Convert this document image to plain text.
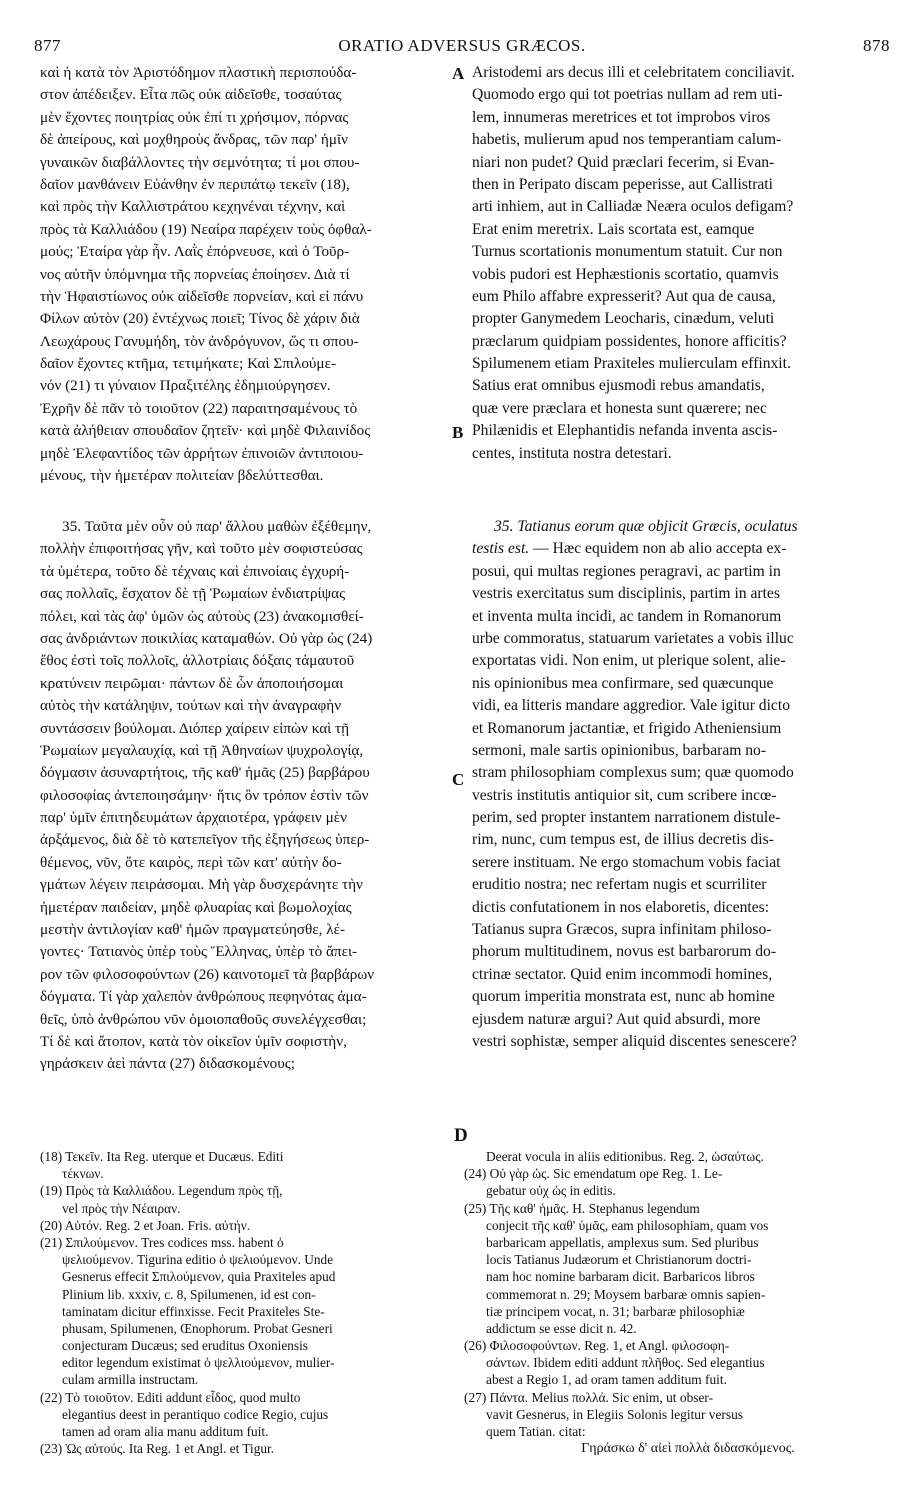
877	ORATIO ADVERSUS GRÆCOS.	878
A
B
C
D
καὶ ἡ κατὰ τὸν Ἀριστόδημον πλαστικὴ περισπούδα-
στον ἀπέδειξεν. Εἶτα πῶς οὐκ αἰδεῖσθε, τοσαύτας
μὲν ἔχοντες ποιητρίας οὐκ ἐπί τι χρήσιμον, πόρνας
δὲ ἀπείρους, καὶ μοχθηροὺς ἄνδρας, τῶν παρ' ἡμῖν
γυναικῶν διαβάλλοντες τὴν σεμνότητα; τί μοι σπου-
δαῖον μανθάνειν Εὐάνθην ἐν περιπάτῳ τεκεῖν (18),
καὶ πρὸς τὴν Καλλιστράτου κεχηνέναι τέχνην, καὶ
πρὸς τὰ Καλλιάδου (19) Νεαίρα παρέχειν τοὺς ὀφθαλ-
μούς; Ἑταίρα γὰρ ἦν. Λαῒς ἐπόρνευσε, καὶ ὁ Τοῦρ-
νος αὐτῆν ὑπόμνημα τῆς πορνείας ἐποίησεν. Διὰ τί
τὴν Ἡφαιστίωνος οὐκ αἰδεῖσθε πορνείαν, καὶ εἰ πάνυ
Φίλων αὐτὸν (20) ἐντέχνως ποιεῖ; Τίνος δὲ χάριν διὰ
Λεωχάρους Γανυμήδη, τὸν ἀνδρόγυνον, ὥς τι σπου-
δαῖον ἔχοντες κτῆμα, τετιμήκατε; Καὶ Σπιλούμε-
νόν (21) τι γύναιον Πραξιτέλης ἐδημιούργησεν.
Ἐχρῆν δὲ πᾶν τὸ τοιοῦτον (22) παραιτησαμένους τὸ
κατὰ ἀλήθειαν σπουδαῖον ζητεῖν· καὶ μηδὲ Φιλαινίδος
μηδὲ Ἐλεφαντίδος τῶν ἀρρήτων ἐπινοιῶν ἀντιποιου-
μένους, τὴν ἡμετέραν πολιτείαν βδελύττεσθαι.
35. Ταῦτα μὲν οὖν οὐ παρ' ἄλλου μαθὼν ἐξέθεμην,
πολλὴν ἐπιφοιτήσας γῆν, καὶ τοῦτο μὲν σοφιστεύσας
τὰ ὑμέτερα, τοῦτο δὲ τέχναις καὶ ἐπινοίαις ἐγχυρή-
σας πολλαῖς, ἔσχατον δὲ τῇ Ῥωμαίων ἐνδιατρίψας
πόλει, καὶ τὰς ἀφ' ὑμῶν ὡς αὐτοὺς (23) ἀνακομισθεί-
σας ἀνδριάντων ποικιλίας καταμαθών. Οὐ γὰρ ὡς (24)
ἔθος ἐστὶ τοῖς πολλοῖς, ἀλλοτρίαις δόξαις τἀμαυτοῦ
κρατύνειν πειρῶμαι· πάντων δὲ ὧν ἀποποιήσομαι
αὐτὸς τὴν κατάληψιν, τούτων καὶ τὴν ἀναγραφὴν
συντάσσειν βούλομαι. Διόπερ χαίρειν εἰπὼν καὶ τῇ
Ῥωμαίων μεγαλαυχίᾳ, καὶ τῇ Ἀθηναίων ψυχρολογίᾳ,
δόγμασιν ἀσυναρτήτοις, τῆς καθ' ἡμᾶς (25) βαρβάρου
φιλοσοφίας ἀντεποιησάμην· ἥτις ὃν τρόπον ἐστὶν τῶν
παρ' ὑμῖν ἐπιτηδευμάτων ἀρχαιοτέρα, γράφειν μὲν
ἀρξάμενος, διὰ δὲ τὸ κατεπεῖγον τῆς ἐξηγήσεως ὑπερ-
θέμενος, νῦν, ὅτε καιρὸς, περὶ τῶν κατ' αὐτὴν δο-
γμάτων λέγειν πειράσομαι. Μὴ γὰρ δυσχεράνητε τὴν
ἡμετέραν παιδείαν, μηδὲ φλυαρίας καὶ βωμολοχίας
μεστὴν ἀντιλογίαν καθ' ἡμῶν πραγματεύησθε, λέ-
γοντες· Τατιανὸς ὑπὲρ τοὺς Ἕλληνας, ὑπὲρ τὸ ἄπει-
ρον τῶν φιλοσοφούντων (26) καινοτομεῖ τὰ βαρβάρων
δόγματα. Τί γὰρ χαλεπὸν ἀνθρώπους πεφηνότας ἀμα-
θεῖς, ὑπὸ ἀνθρώπου νῦν ὁμοιοπαθοῦς συνελέγχεσθαι;
Τί δὲ καὶ ἄτοπον, κατὰ τὸν οἰκεῖον ὑμῖν σοφιστὴν,
γηράσκειν ἀεὶ πάντα (27) διδασκομένους;
Aristodemi ars decus illi et celebritatem conciliavit.
Quomodo ergo qui tot poetrias nullam ad rem uti-
lem, innumeras meretrices et tot improbos viros
habetis, mulierum apud nos temperantiam calum-
niari non pudet? Quid præclari fecerim, si Evan-
then in Peripato discam peperisse, aut Callistrati
arti inhiem, aut in Calliadæ Neæra oculos defigam?
Erat enim meretrix. Lais scortata est, eamque
Turnus scortationis monumentum statuit. Cur non
vobis pudori est Hephæstionis scortatio, quamvis
eum Philo affabre expresserit? Aut qua de causa,
propter Ganymedem Leocharis, cinædum, veluti
præclarum quidpiam possidentes, honore afficitis?
Spilumenem etiam Praxiteles mulierculam effinxit.
Satius erat omnibus ejusmodi rebus amandatis,
quæ vere præclara et honesta sunt quærere; nec
Philænidis et Elephantidis nefanda inventa ascis-
centes, instituta nostra detestari.
35. Tatianus eorum quæ objicit Græcis, oculatus
testis est. — Hæc equidem non ab alio accepta ex-
posui, qui multas regiones peragravi, ac partim in
vestris exercitatus sum disciplinis, partim in artes
et inventa multa incidi, ac tandem in Romanorum
urbe commoratus, statuarum varietates a vobis illuc
exportatas vidi. Non enim, ut plerique solent, alie-
nis opinionibus mea confirmare, sed quæcunque
vidi, ea litteris mandare aggredior. Vale igitur dicto
et Romanorum jactantiæ, et frigido Atheniensium
sermoni, male sartis opinionibus, barbaram no-
stram philosophiam complexus sum; quæ quomodo
vestris institutis antiquior sit, cum scribere incœ-
perim, sed propter instantem narrationem distule-
rim, nunc, cum tempus est, de illius decretis dis-
serere instituam. Ne ergo stomachum vobis faciat
eruditio nostra; nec refertam nugis et scurriliter
dictis confutationem in nos elaboretis, dicentes:
Tatianus supra Græcos, supra infinitam philoso-
phorum multitudinem, novus est barbarorum do-
ctrinæ sectator. Quid enim incommodi homines,
quorum imperitia monstrata est, nunc ab homine
ejusdem naturæ argui? Aut quid absurdi, more
vestri sophistæ, semper aliquid discentes senescere?
(18) Τεκεῖν. Ita Reg. uterque et Ducæus. Editi
τέκνων.
(19) Πρὸς τὰ Καλλιάδου. Legendum πρὸς τῇ,
vel πρὸς τὴν Νέαιραν.
(20) Αὐτόν. Reg. 2 et Joan. Fris. αὐτήν.
(21) Σπιλούμενον. Tres codices mss. habent ὁ
ψελιούμενον. Tigurina editio ὁ ψελιούμενον. Unde
Gesnerus effecit Σπιλούμενον, quia Praxiteles apud
Plinium lib. xxxiv, c. 8, Spilumenen, id est con-
taminatam dicitur effinxisse. Fecit Praxiteles Ste-
phusam, Spilumenen, Œnophorum. Probat Gesneri
conjecturam Ducæus; sed eruditus Oxoniensis
editor legendum existimat ὁ ψελλιούμενον, mulier-
culam armilla instructam.
(22) Τὸ τοιοῦτον. Editi addunt εἶδος, quod multo
elegantius deest in perantiquo codice Regio, cujus
tamen ad oram alia manu additum fuit.
(23) Ὡς αὐτούς. Ita Reg. 1 et Angl. et Tigur.
Deerat vocula in aliis editionibus. Reg. 2, ὡσαύτως.
(24) Οὐ γὰρ ὡς. Sic emendatum ope Reg. 1. Le-
gebatur οὐχ ὡς in editis.
(25) Τῆς καθ' ἡμᾶς. H. Stephanus legendum
conjecit τῆς καθ' ὑμᾶς, eam philosophiam, quam vos
barbaricam appellatis, amplexus sum. Sed pluribus
locis Tatianus Judæorum et Christianorum doctri-
nam hoc nomine barbaram dicit. Barbaricos libros
commemorat n. 29; Moysem barbaræ omnis sapien-
tiæ principem vocat, n. 31; barbaræ philosophiæ
addictum se esse dicit n. 42.
(26) Φιλοσοφούντων. Reg. 1, et Angl. φιλοσοφη-
σάντων. Ibidem editi addunt πλῆθος. Sed elegantius
abest a Regio 1, ad oram tamen additum fuit.
(27) Πάντα. Melius πολλά. Sic enim, ut obser-
vavit Gesnerus, in Elegiis Solonis legitur versus
quem Tatian. citat:
Γηράσκω δ' αἰεὶ πολλὰ διδασκόμενος.
